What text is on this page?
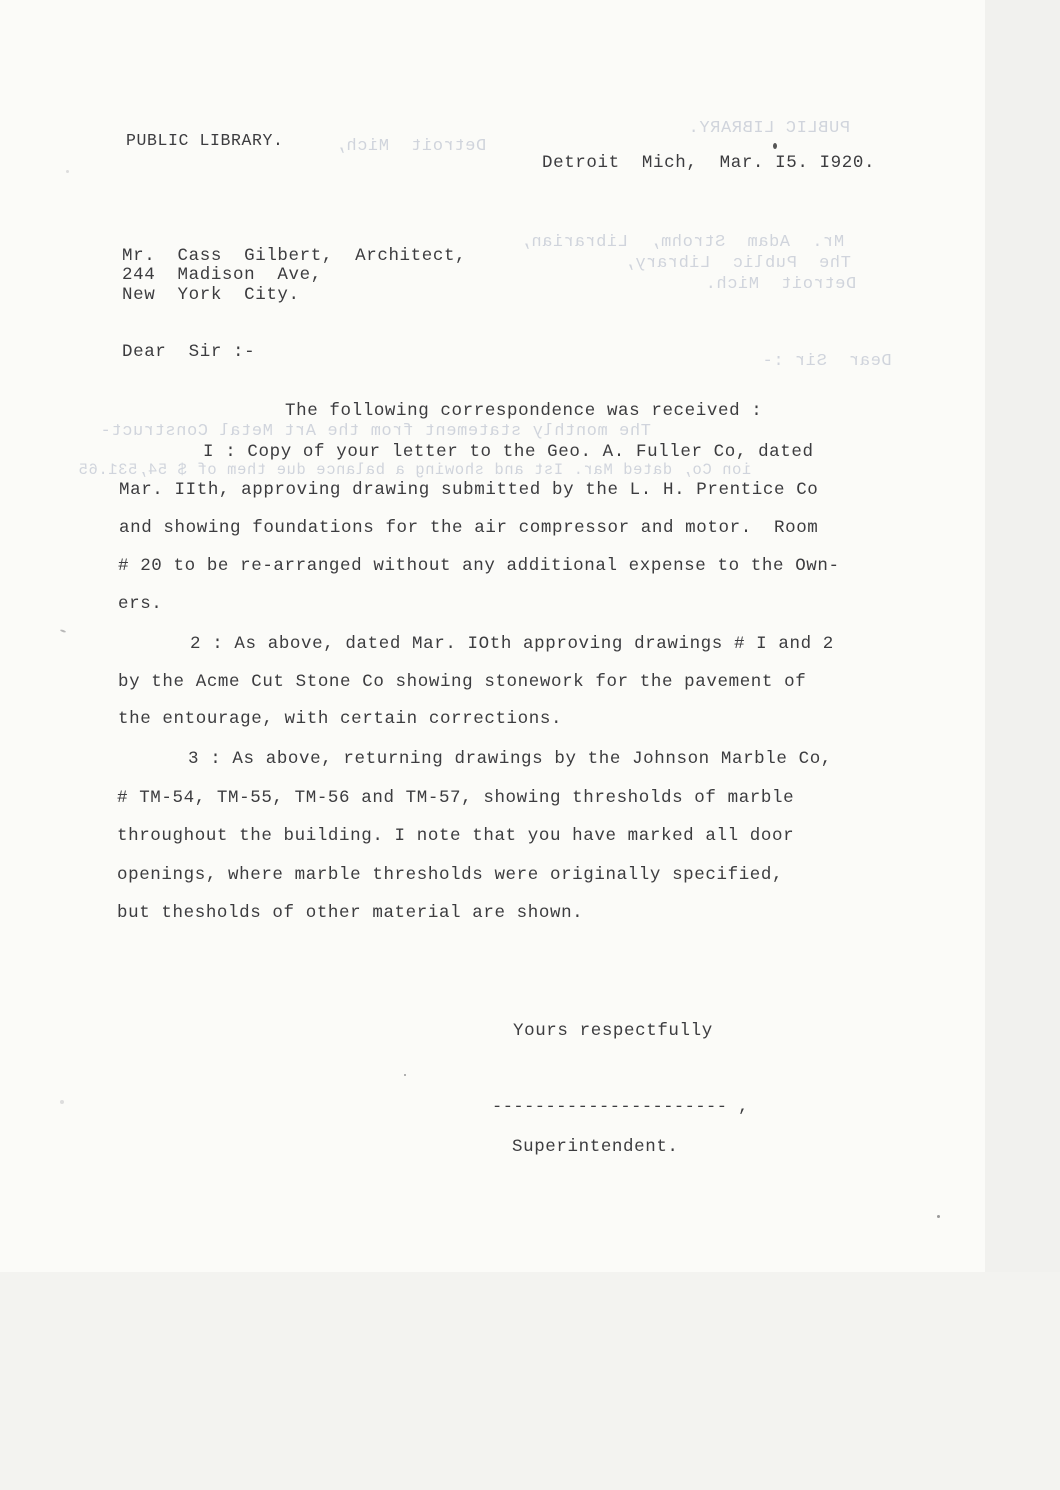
PUBLIC LIBRARY.
Detroit  Mich,
Mr.  Adam  Strohm,  Librarian,
The  Public  Library,
Detroit  Mich.
Dear  Sir :-
The monthly statement from the Art Metal Construct-
ion Co, dated Mar. Ist and showing a balance due them of $ 54,531.65
PUBLIC LIBRARY.
Detroit  Mich,  Mar. I5. I920.
Mr.  Cass  Gilbert,  Architect,
244  Madison  Ave,
New  York  City.
Dear  Sir :-
The following correspondence was received :
I : Copy of your letter to the Geo. A. Fuller Co, dated
Mar. IIth, approving drawing submitted by the L. H. Prentice Co
and showing foundations for the air compressor and motor.  Room
# 20 to be re-arranged without any additional expense to the Own-
ers.
2 : As above, dated Mar. IOth approving drawings # I and 2
by the Acme Cut Stone Co showing stonework for the pavement of
the entourage, with certain corrections.
3 : As above, returning drawings by the Johnson Marble Co,
# TM-54, TM-55, TM-56 and TM-57, showing thresholds of marble
throughout the building. I note that you have marked all door
openings, where marble thresholds were originally specified,
but thesholds of other material are shown.
Yours respectfully
---------------------- ,
Superintendent.
